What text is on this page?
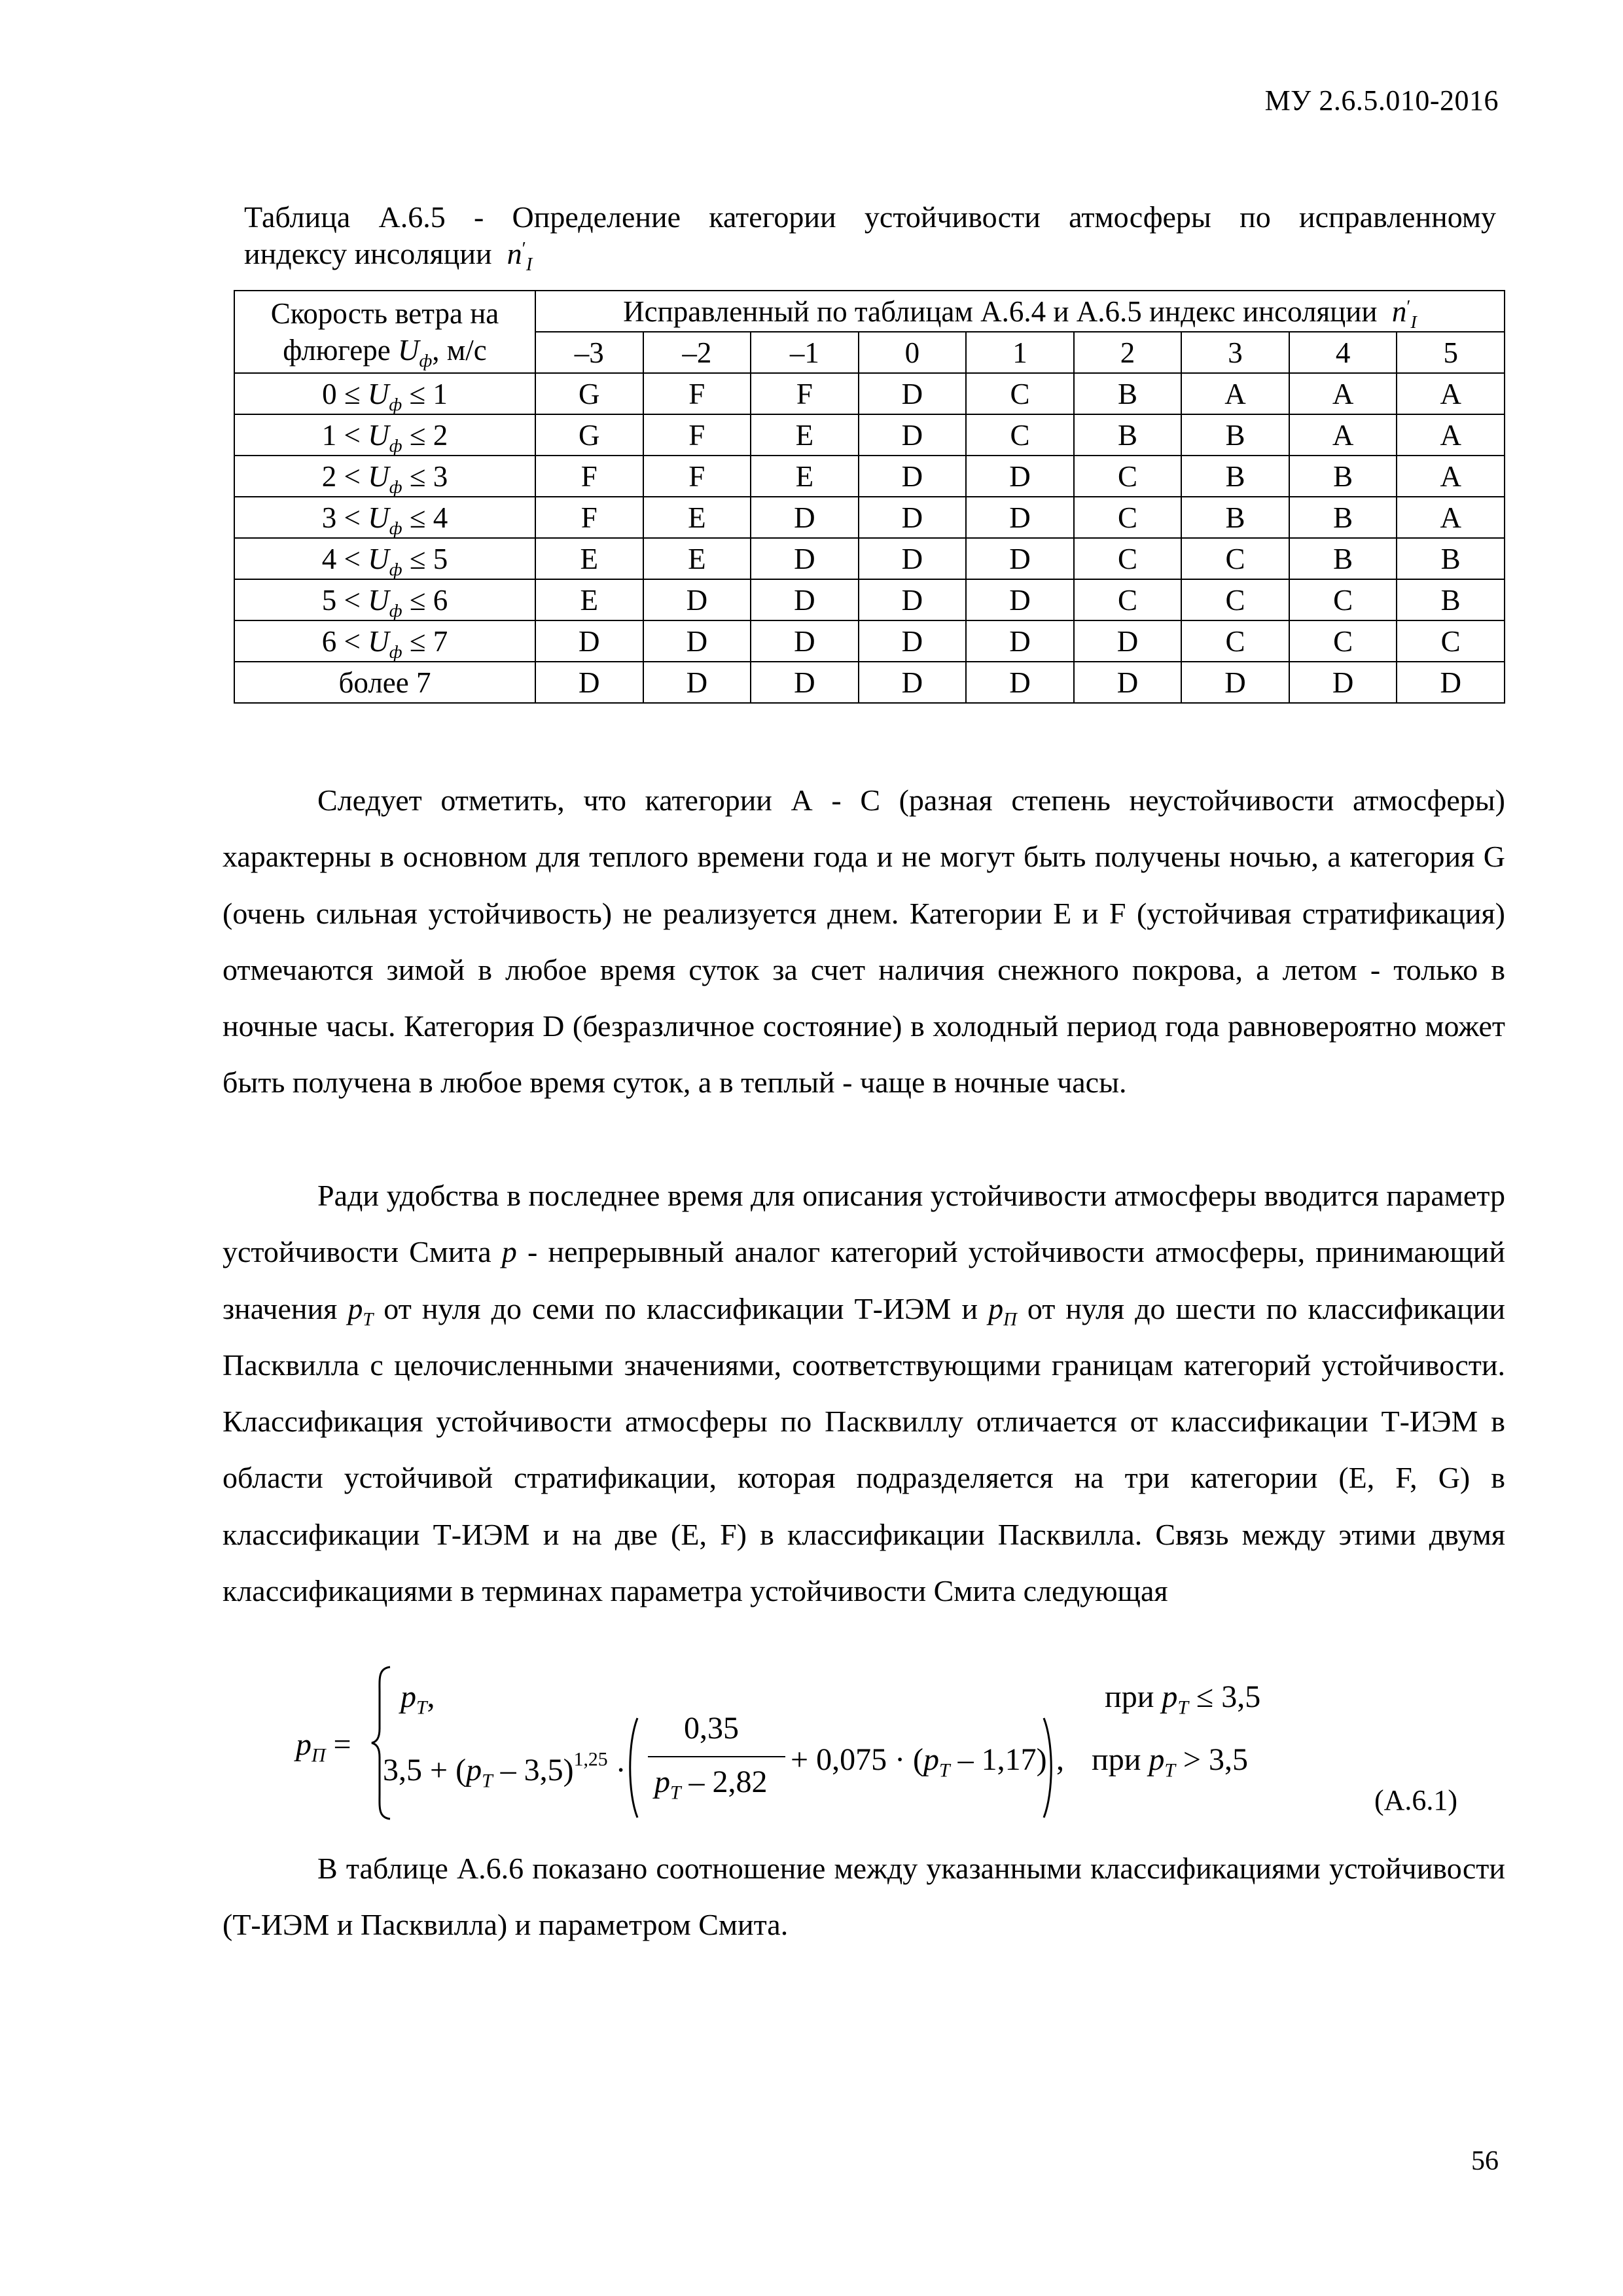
МУ 2.6.5.010-2016
Таблица А.6.5 - Определение категории устойчивости атмосферы по исправленному
индексу инсоляции $n'_I$
Скорость ветра на
флюгере $U_ф$, м/с	Исправленный по таблицам А.6.4 и А.6.5 индекс инсоляции $n'_I$
	–3	–2	–1	0	1	2	3	4	5
$0 \le U_ф \le 1$	G	F	F	D	C	B	A	A	A
$1 < U_ф \le 2$	G	F	E	D	C	B	B	A	A
$2 < U_ф \le 3$	F	F	E	D	D	C	B	B	A
$3 < U_ф \le 4$	F	E	D	D	D	C	B	B	A
$4 < U_ф \le 5$	E	E	D	D	D	C	C	B	B
$5 < U_ф \le 6$	E	D	D	D	D	C	C	C	B
$6 < U_ф \le 7$	D	D	D	D	D	D	C	C	C
более 7	D	D	D	D	D	D	D	D	D
Следует отметить, что категории А - С (разная степень неустойчивости атмосферы) характерны в основном для теплого времени года и не могут быть получены ночью, а категория G (очень сильная устойчивость) не реализуется днем. Категории Е и F (устойчивая стратификация) отмечаются зимой в любое время суток за счет наличия снежного покрова, а летом - только в ночные часы. Категория D (безразличное состояние) в холодный период года равновероятно может быть получена в любое время суток, а в теплый - чаще в ночные часы.
Ради удобства в последнее время для описания устойчивости атмосферы вводится параметр устойчивости Смита p - непрерывный аналог категорий устойчивости атмосферы, принимающий значения $p_T$ от нуля до семи по классификации Т-ИЭМ и $p_П$ от нуля до шести по классификации Пасквилла с целочисленными значениями, соответствующими границам категорий устойчивости. Классификация устойчивости атмосферы по Пасквиллу отличается от классификации Т-ИЭМ в области устойчивой стратификации, которая подразделяется на три категории (E, F, G) в классификации Т-ИЭМ и на две (E, F) в классификации Пасквилла. Связь между этими двумя классификациями в терминах параметра устойчивости Смита следующая
$p_П$ =
$p_T$,	при $p_T \le 3,5$
$3,5 + (p_T - 3,5)^{1,25}$ ·
0,35
$p_T - 2,82$
+ $0,075 \cdot (p_T - 1,17)$ , при $p_T > 3,5$
(А.6.1)
В таблице А.6.6 показано соотношение между указанными классификациями устойчивости (Т-ИЭМ и Пасквилла) и параметром Смита.
56
